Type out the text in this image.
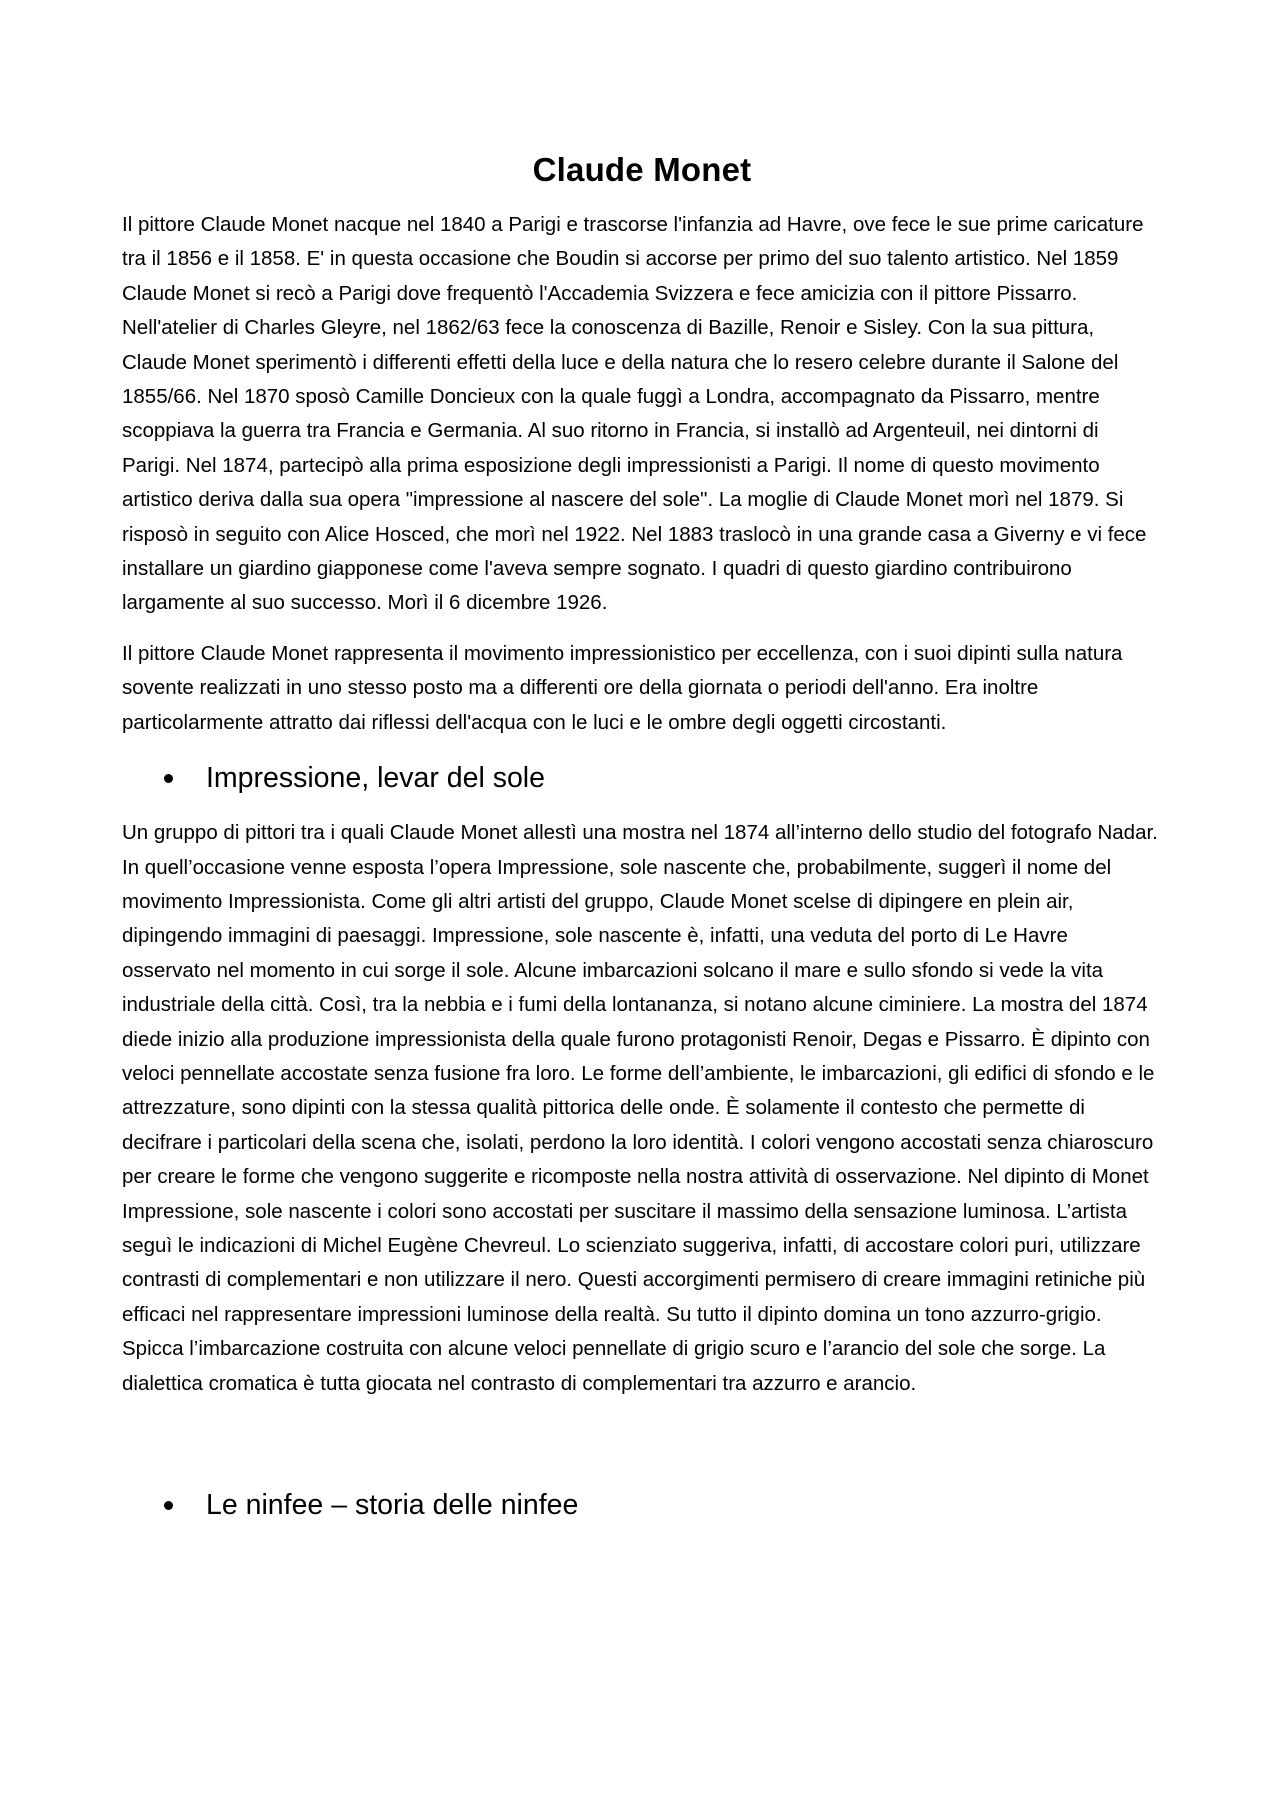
Claude Monet

Il pittore Claude Monet nacque nel 1840 a Parigi e trascorse l'infanzia ad Havre, ove fece le sue prime caricature tra il 1856 e il 1858. E' in questa occasione che Boudin si accorse per primo del suo talento artistico. Nel 1859 Claude Monet si recò a Parigi dove frequentò l'Accademia Svizzera e fece amicizia con il pittore Pissarro. Nell'atelier di Charles Gleyre, nel 1862/63 fece la conoscenza di Bazille, Renoir e Sisley. Con la sua pittura, Claude Monet sperimentò i differenti effetti della luce e della natura che lo resero celebre durante il Salone del 1855/66. Nel 1870 sposò Camille Doncieux con la quale fuggì a Londra, accompagnato da Pissarro, mentre scoppiava la guerra tra Francia e Germania. Al suo ritorno in Francia, si installò ad Argenteuil, nei dintorni di Parigi. Nel 1874, partecipò alla prima esposizione degli impressionisti a Parigi. Il nome di questo movimento artistico deriva dalla sua opera "impressione al nascere del sole". La moglie di Claude Monet morì nel 1879. Si risposò in seguito con Alice Hosced, che morì nel 1922. Nel 1883 traslocò in una grande casa a Giverny e vi fece installare un giardino giapponese come l'aveva sempre sognato. I quadri di questo giardino contribuirono largamente al suo successo. Morì il 6 dicembre 1926.

Il pittore Claude Monet rappresenta il movimento impressionistico per eccellenza, con i suoi dipinti sulla natura sovente realizzati in uno stesso posto ma a differenti ore della giornata o periodi dell'anno. Era inoltre particolarmente attratto dai riflessi dell'acqua con le luci e le ombre degli oggetti circostanti.

Impressione, levar del sole

Un gruppo di pittori tra i quali Claude Monet allestì una mostra nel 1874 all’interno dello studio del fotografo Nadar. In quell’occasione venne esposta l’opera Impressione, sole nascente che, probabilmente, suggerì il nome del movimento Impressionista. Come gli altri artisti del gruppo, Claude Monet scelse di dipingere en plein air, dipingendo immagini di paesaggi. Impressione, sole nascente è, infatti, una veduta del porto di Le Havre osservato nel momento in cui sorge il sole. Alcune imbarcazioni solcano il mare e sullo sfondo si vede la vita industriale della città. Così, tra la nebbia e i fumi della lontananza, si notano alcune ciminiere. La mostra del 1874 diede inizio alla produzione impressionista della quale furono protagonisti Renoir, Degas e Pissarro. È dipinto con veloci pennellate accostate senza fusione fra loro. Le forme dell’ambiente, le imbarcazioni, gli edifici di sfondo e le attrezzature, sono dipinti con la stessa qualità pittorica delle onde. È solamente il contesto che permette di decifrare i particolari della scena che, isolati, perdono la loro identità. I colori vengono accostati senza chiaroscuro per creare le forme che vengono suggerite e ricomposte nella nostra attività di osservazione. Nel dipinto di Monet Impressione, sole nascente i colori sono accostati per suscitare il massimo della sensazione luminosa. L’artista seguì le indicazioni di Michel Eugène Chevreul. Lo scienziato suggeriva, infatti, di accostare colori puri, utilizzare contrasti di complementari e non utilizzare il nero. Questi accorgimenti permisero di creare immagini retiniche più efficaci nel rappresentare impressioni luminose della realtà. Su tutto il dipinto domina un tono azzurro-grigio. Spicca l’imbarcazione costruita con alcune veloci pennellate di grigio scuro e l’arancio del sole che sorge. La dialettica cromatica è tutta giocata nel contrasto di complementari tra azzurro e arancio.

Le ninfee – storia delle ninfee
